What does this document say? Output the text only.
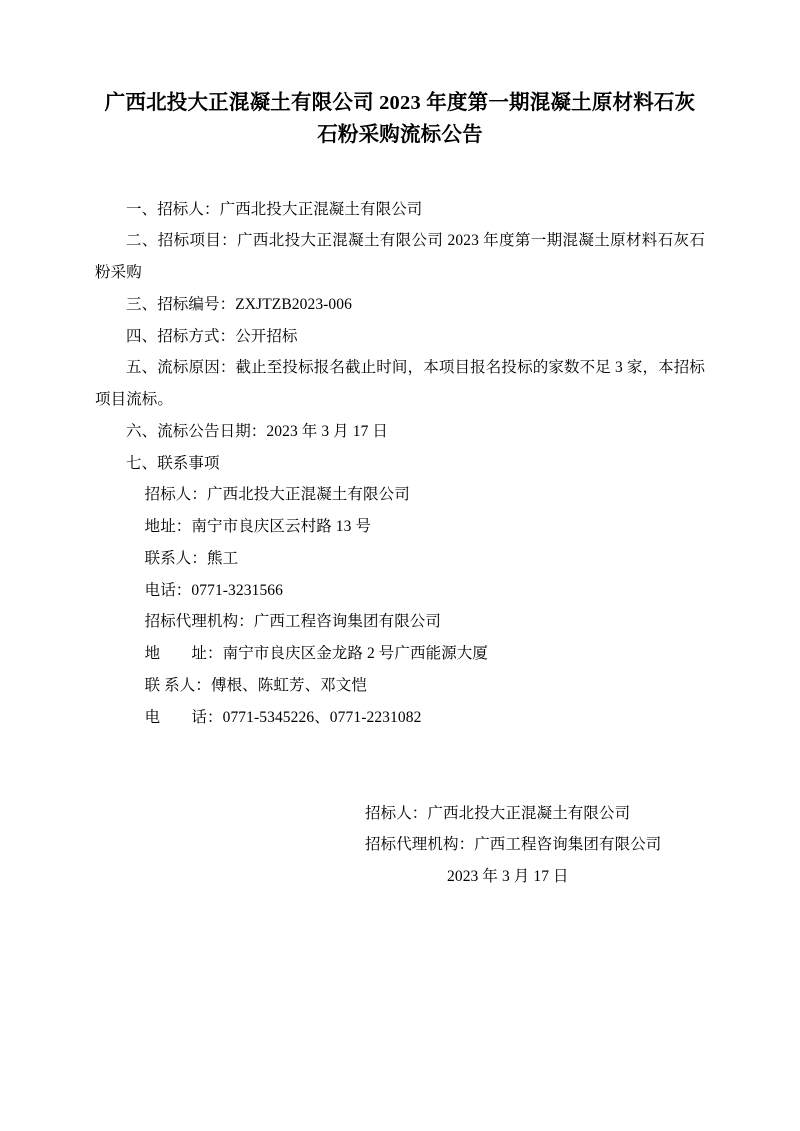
广西北投大正混凝土有限公司 2023 年度第一期混凝土原材料石灰石粉采购流标公告

一、招标人：广西北投大正混凝土有限公司

二、招标项目：广西北投大正混凝土有限公司 2023 年度第一期混凝土原材料石灰石粉采购

三、招标编号：ZXJTZB2023-006

四、招标方式：公开招标

五、流标原因：截止至投标报名截止时间，本项目报名投标的家数不足 3 家，本招标项目流标。

六、流标公告日期：2023 年 3 月 17 日

七、联系事项

招标人：广西北投大正混凝土有限公司

地址：南宁市良庆区云村路 13 号

联系人：熊工

电话：0771-3231566

招标代理机构：广西工程咨询集团有限公司

地　　址：南宁市良庆区金龙路 2 号广西能源大厦

联 系人：傅根、陈虹芳、邓文恺

电　　话：0771-5345226、0771-2231082

招标人：广西北投大正混凝土有限公司

招标代理机构：广西工程咨询集团有限公司

2023 年 3 月 17 日
